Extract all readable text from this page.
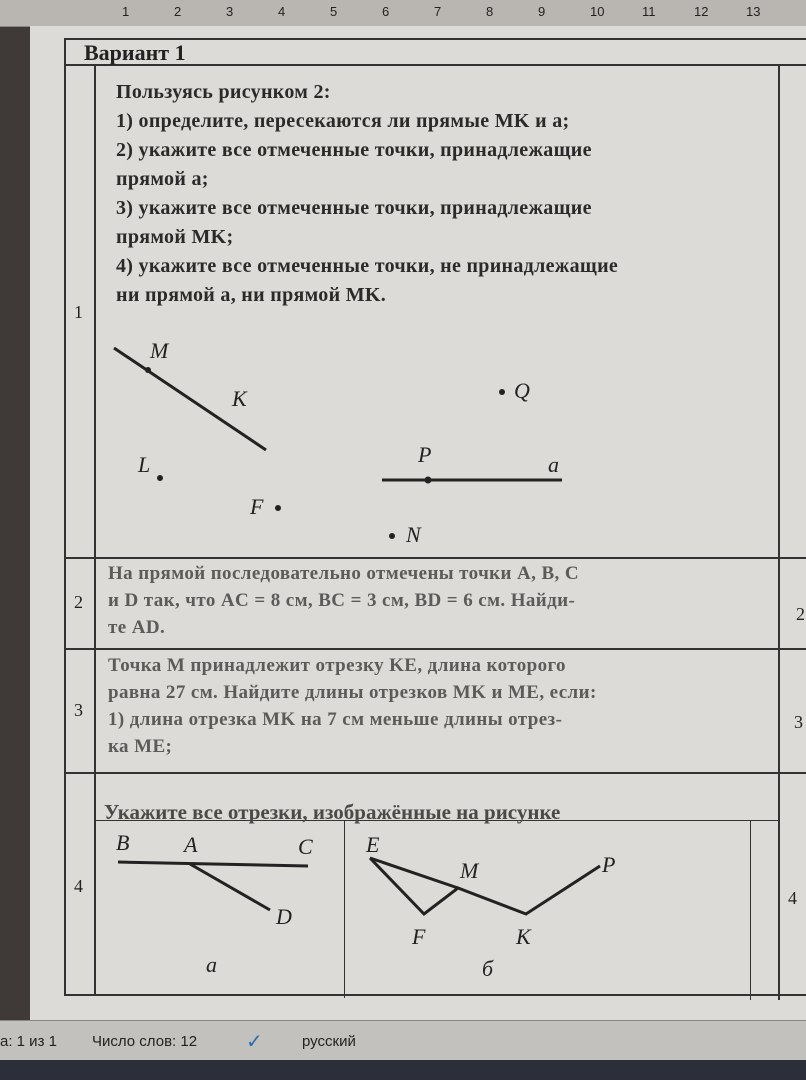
1	2	3	4	5	6	7	8	9	10	11	12	13
Вариант 1
1
Пользуясь рисунком 2:
1) определите, пересекаются ли прямые MK и a;
2) укажите все отмеченные точки, принадлежащие
прямой a;
3) укажите все отмеченные точки, принадлежащие
прямой MK;
4) укажите все отмеченные точки, не принадлежащие
ни прямой a, ни прямой MK.
M
K
L
F
Q
P	a
N
2
На прямой последовательно отмечены точки A, B, C
и D так, что AC = 8 см, BC = 3 см, BD = 6 см. Найди-
те AD.
3
Точка M принадлежит отрезку KE, длина которого
равна 27 см. Найдите длины отрезков MK и ME, если:
1) длина отрезка MK на 7 см меньше длины отрез-
ка ME;
4
Укажите все отрезки, изображённые на рисунке
B A	C
D
а
E
M	P
F	K
б
2
3
4
а: 1 из 1 Число слов: 12 ✓	русский
